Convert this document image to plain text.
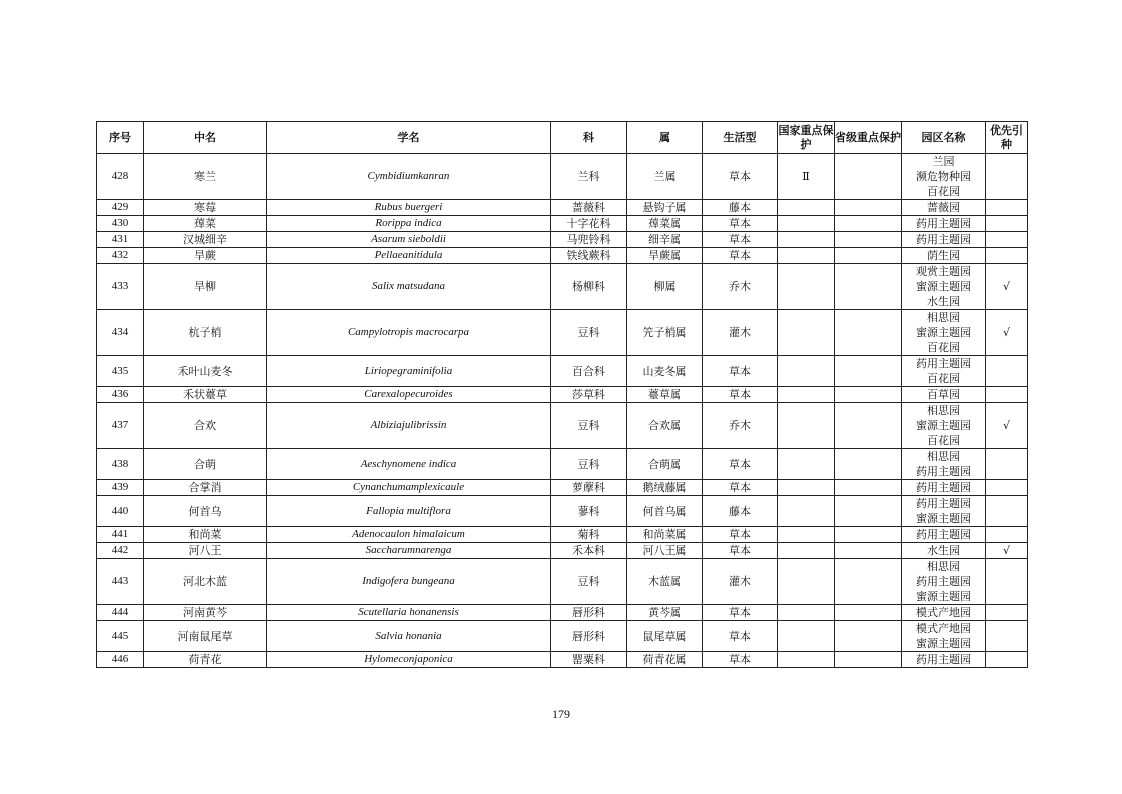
序号	中名	学名	科	属	生活型	国家重点保护	省级重点保护	园区名称	优先引种
428	寒兰	Cymbidiumkanran	兰科	兰属	草本	Ⅱ		兰园
濒危物种园
百花园	

429	寒莓	Rubus buergeri	蔷薇科	悬钩子属	藤本			蔷薇园	

430	蔊菜	Rorippa indica	十字花科	蔊菜属	草本			药用主题园	

431	汉城细辛	Asarum sieboldii	马兜铃科	细辛属	草本			药用主题园	

432	旱蕨	Pellaeanitidula	铁线蕨科	旱蕨属	草本			荫生园	

433	旱柳	Salix matsudana	杨柳科	柳属	乔木			观赏主题园
蜜源主题园
水生园	√
434	杭子梢	Campylotropis macrocarpa	豆科	笐子梢属	灌木			相思园
蜜源主题园
百花园	√
435	禾叶山麦冬	Liriopegraminifolia	百合科	山麦冬属	草本			药用主题园
百花园	

436	禾状薹草	Carexalopecuroides	莎草科	薹草属	草本			百草园	

437	合欢	Albiziajulibrissin	豆科	合欢属	乔木			相思园
蜜源主题园
百花园	√
438	合萌	Aeschynomene indica	豆科	合萌属	草本			相思园
药用主题园	

439	合掌消	Cynanchumamplexicaule	萝藦科	鹅绒藤属	草本			药用主题园	

440	何首乌	Fallopia multiflora	蓼科	何首乌属	藤本			药用主题园
蜜源主题园	

441	和尚菜	Adenocaulon himalaicum	菊科	和尚菜属	草本			药用主题园	

442	河八王	Saccharumnarenga	禾本科	河八王属	草本			水生园	√
443	河北木蓝	Indigofera bungeana	豆科	木蓝属	灌木			相思园
药用主题园
蜜源主题园	

444	河南黄芩	Scutellaria honanensis	唇形科	黄芩属	草本			模式产地园	

445	河南鼠尾草	Salvia honania	唇形科	鼠尾草属	草本			模式产地园
蜜源主题园	

446	荷青花	Hylomeconjaponica	罂粟科	荷青花属	草本			药用主题园	

179
